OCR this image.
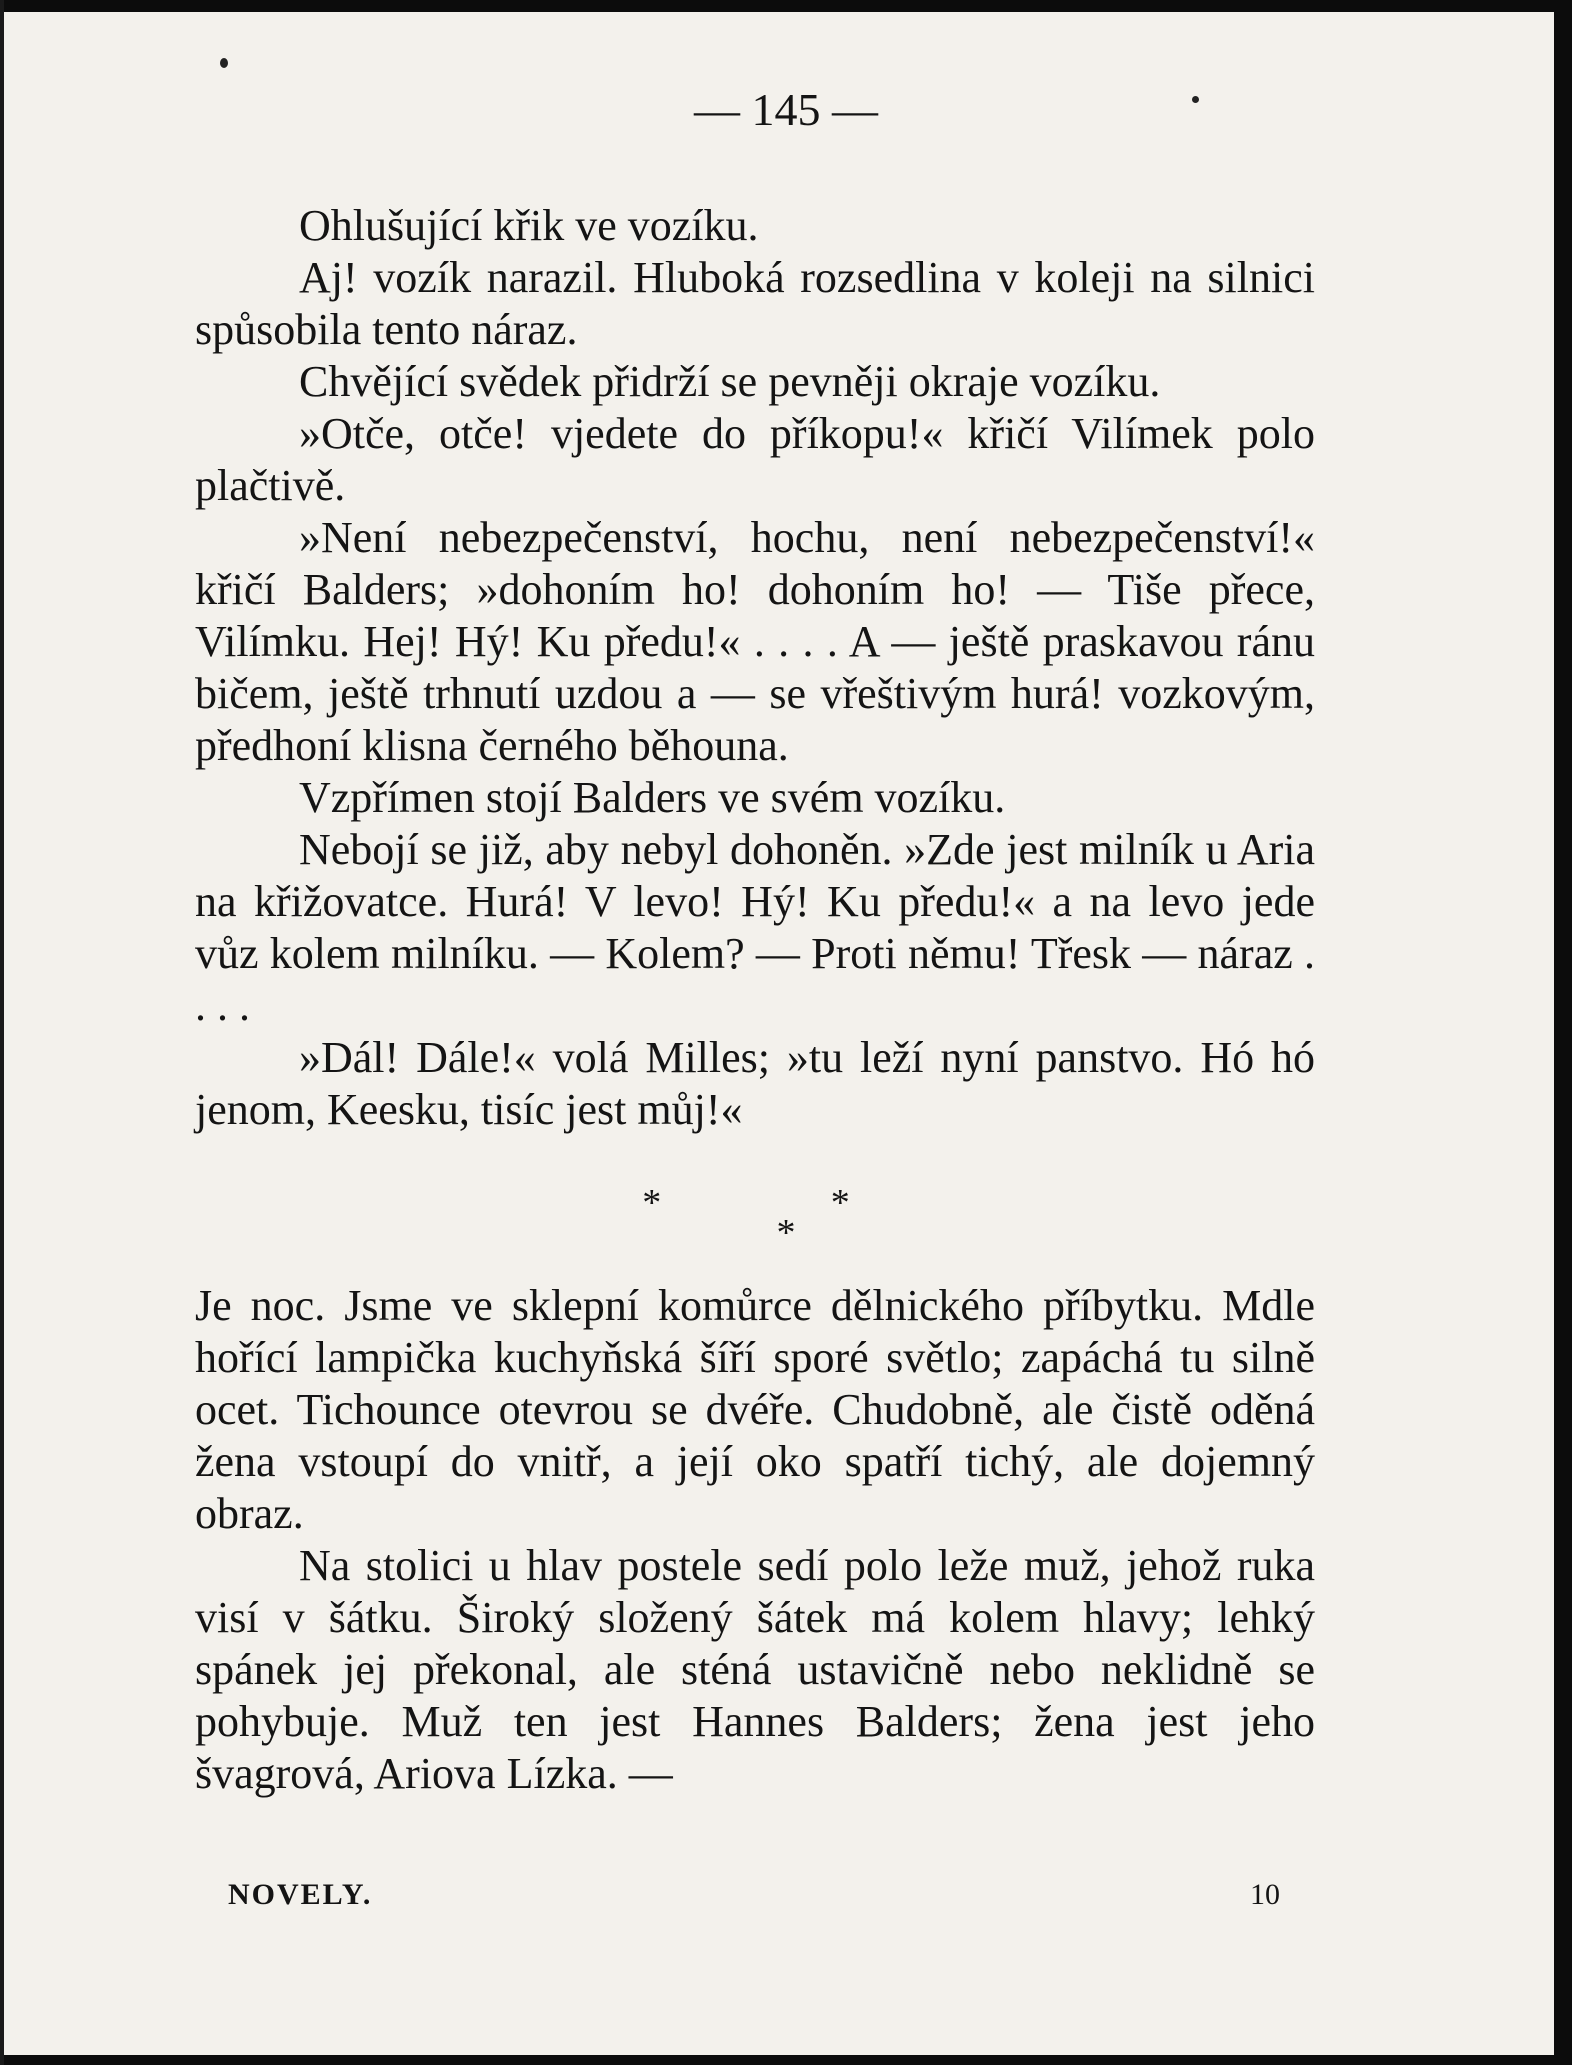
— 145 —

Ohlušující křik ve vozíku.

Aj! vozík narazil. Hluboká rozsedlina v koleji na silnici spůsobila tento náraz.

Chvějící svědek přidrží se pevněji okraje vozíku.

»Otče, otče! vjedete do příkopu!« křičí Vilímek polo plačtivě.

»Není nebezpečenství, hochu, není nebezpečenství!« křičí Balders; »dohoním ho! dohoním ho! — Tiše přece, Vilímku. Hej! Hý! Ku předu!« . . . . A — ještě praskavou ránu bičem, ještě trhnutí uzdou a — se vřeštivým hurá! vozkovým, předhoní klisna černého běhouna.

Vzpřímen stojí Balders ve svém vozíku.

Nebojí se již, aby nebyl dohoněn. »Zde jest milník u Aria na křižovatce. Hurá! V levo! Hý! Ku předu!« a na levo jede vůz kolem milníku. — Kolem? — Proti němu! Třesk — náraz . . . .

»Dál! Dále!« volá Milles; »tu leží nyní panstvo. Hó hó jenom, Keesku, tisíc jest můj!«

* *
*

Je noc. Jsme ve sklepní komůrce dělnického příbytku. Mdle hořící lampička kuchyňská šíří sporé světlo; zapáchá tu silně ocet. Tichounce otevrou se dvéře. Chudobně, ale čistě oděná žena vstoupí do vnitř, a její oko spatří tichý, ale dojemný obraz.

Na stolici u hlav postele sedí polo leže muž, jehož ruka visí v šátku. Široký složený šátek má kolem hlavy; lehký spánek jej překonal, ale sténá ustavičně nebo neklidně se pohybuje. Muž ten jest Hannes Balders; žena jest jeho švagrová, Ariova Lízka. —

NOVELY.	10
